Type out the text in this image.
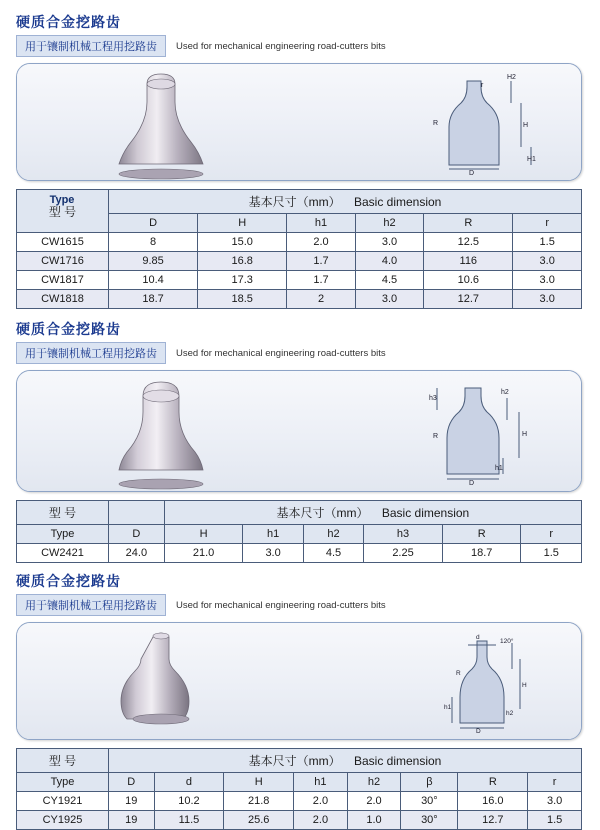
硬质合金挖路齿
用于镶制机械工程用挖路齿	Used for mechanical engineering road-cutters bits
H2
H
H1
D
R
r
型 号	基本尺寸（mm） Basic dimension					
	D	H	h1	h2	R	r
CW1615	8	15.0	2.0	3.0	12.5	1.5
CW1716	9.85	16.8	1.7	4.0	116	3.0
CW1817	10.4	17.3	1.7	4.5	10.6	3.0
CW1818	18.7	18.5	2	3.0	12.7	3.0
Type
硬质合金挖路齿
用于镶制机械工程用挖路齿	Used for mechanical engineering road-cutters bits
h3
h2
H
h1
D
R
型 号		基本尺寸（mm） Basic dimension					
Type	D	H	h1	h2	h3	R	r
CW2421	24.0	21.0	3.0	4.5	2.25	18.7	1.5
硬质合金挖路齿
用于镶制机械工程用挖路齿	Used for mechanical engineering road-cutters bits
d
120°
R
H
h1
D
h2
型 号	基本尺寸（mm） Basic dimension							
Type	D	d	H	h1	h2	β	R	r
CY1921	19	10.2	21.8	2.0	2.0	30°	16.0	3.0
CY1925	19	11.5	25.6	2.0	1.0	30°	12.7	1.5
